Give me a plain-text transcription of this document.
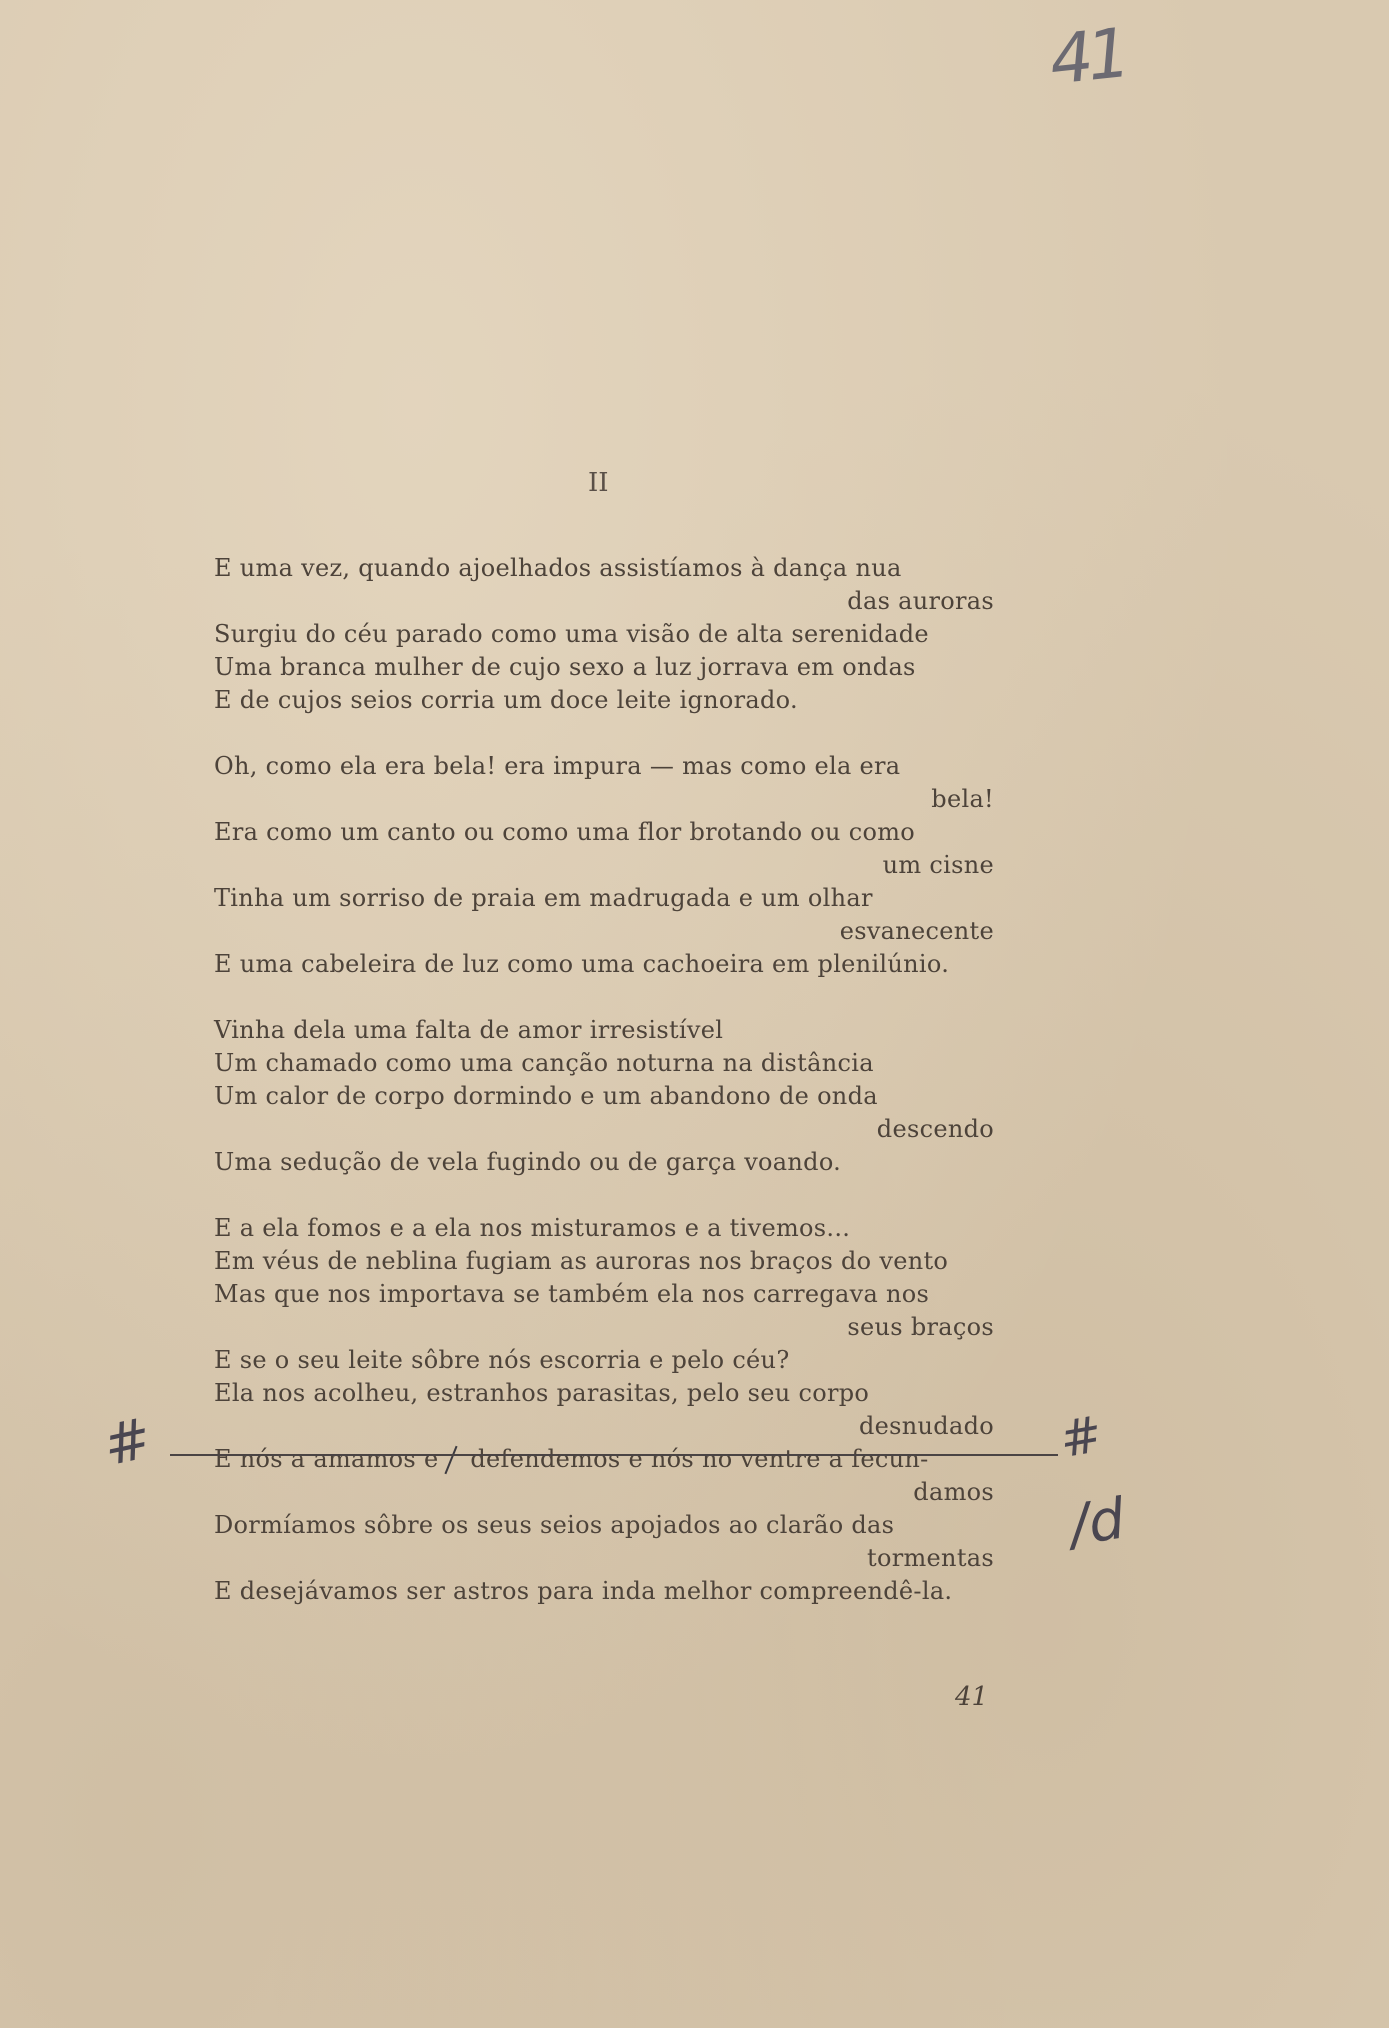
41
II
E uma vez, quando ajoelhados assistíamos à dança nua
das auroras
Surgiu do céu parado como uma visão de alta serenidade
Uma branca mulher de cujo sexo a luz jorrava em ondas
E de cujos seios corria um doce leite ignorado.
Oh, como ela era bela! era impura — mas como ela era
bela!
Era como um canto ou como uma flor brotando ou como
um cisne
Tinha um sorriso de praia em madrugada e um olhar
esvanecente
E uma cabeleira de luz como uma cachoeira em plenilúnio.
Vinha dela uma falta de amor irresistível
Um chamado como uma canção noturna na distância
Um calor de corpo dormindo e um abandono de onda
descendo
Uma sedução de vela fugindo ou de garça voando.
E a ela fomos e a ela nos misturamos e a tivemos...
Em véus de neblina fugiam as auroras nos braços do vento
Mas que nos importava se também ela nos carregava nos
seus braços
E se o seu leite sôbre nós escorria e pelo céu?
Ela nos acolheu, estranhos parasitas, pelo seu corpo
desnudado
E nós a amamos e defendemos e nós no ventre a fecun-
damos
Dormíamos sôbre os seus seios apojados ao clarão das
tormentas
E desejávamos ser astros para inda melhor compreendê-la.
#	#
/d
41
